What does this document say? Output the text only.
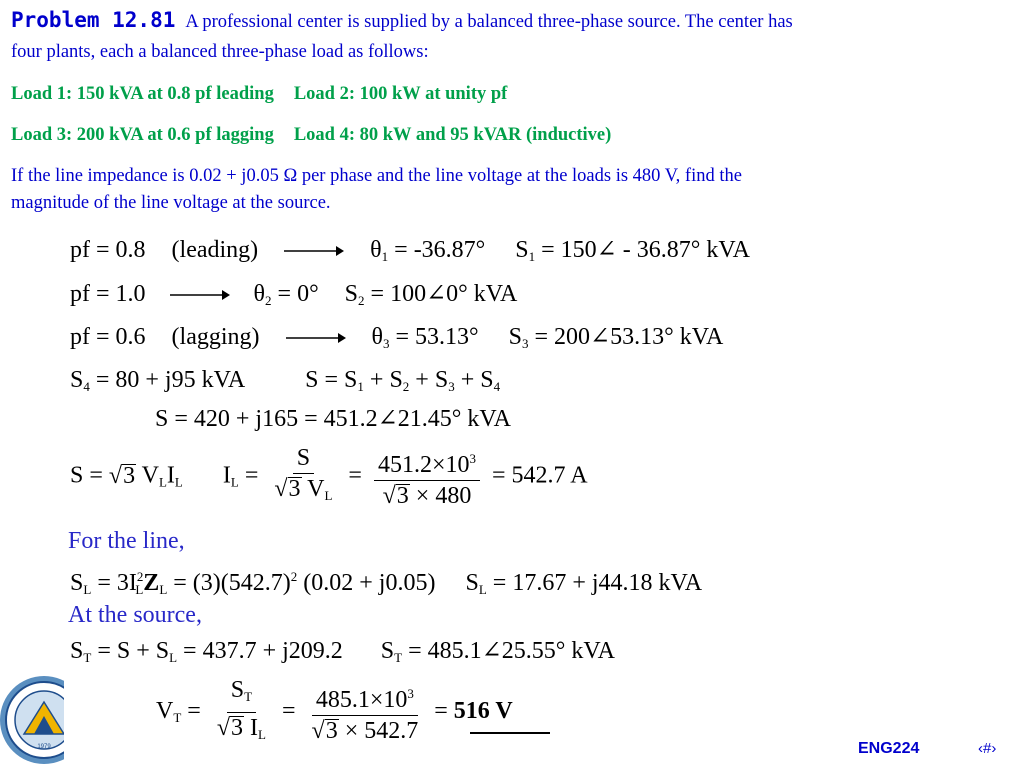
Problem 12.81 A professional center is supplied by a balanced three-phase source. The center has
four plants, each a balanced three-phase load as follows:
Load 1: 150 kVA at 0.8 pf leading Load 2: 100 kW at unity pf
Load 3: 200 kVA at 0.6 pf lagging Load 4: 80 kW and 95 kVAR (inductive)
If the line impedance is 0.02 + j0.05 Ω per phase and the line voltage at the loads is 480 V, find the
magnitude of the line voltage at the source.
pf = 0.8 (leading)	$\theta_1 = -36.87^\circ$ $S_1$ = 150∠ - 36.87° kVA
pf = 1.0	$\theta_2 = 0^\circ$ $S_2$ = 100∠0° kVA
pf = 0.6 (lagging)	$\theta_3 = 53.13^\circ$ $S_3$ = 200∠53.13° kVA
$S_4 = 80 + j95$ kVA	$S = S_1 + S_2 + S_3 + S_4$
S = 420 + j165 = 451.2∠21.45° kVA
S = √3 $V_LI_L$ $I_L = \frac{S}{√3 V_L} = \frac{451.2\times 10^3}{√3 \times 480} = 542.7$ A
For the line,
$S_L = 3I^2_LZ_L = (3)(542.7)^2$ (0.02 + j0.05) $S_L = 17.67 + j44.18$ kVA
At the source,
$S_T = S + S_L = 437.7 + j209.2$ $S_T$ = 485.1∠25.55° kVA
$V_T = \frac{S_T}{√3 I_L} = \frac{485.1\times 10^3}{√3 \times 542.7} = 516$ V
1979	ENG224	‹#›
